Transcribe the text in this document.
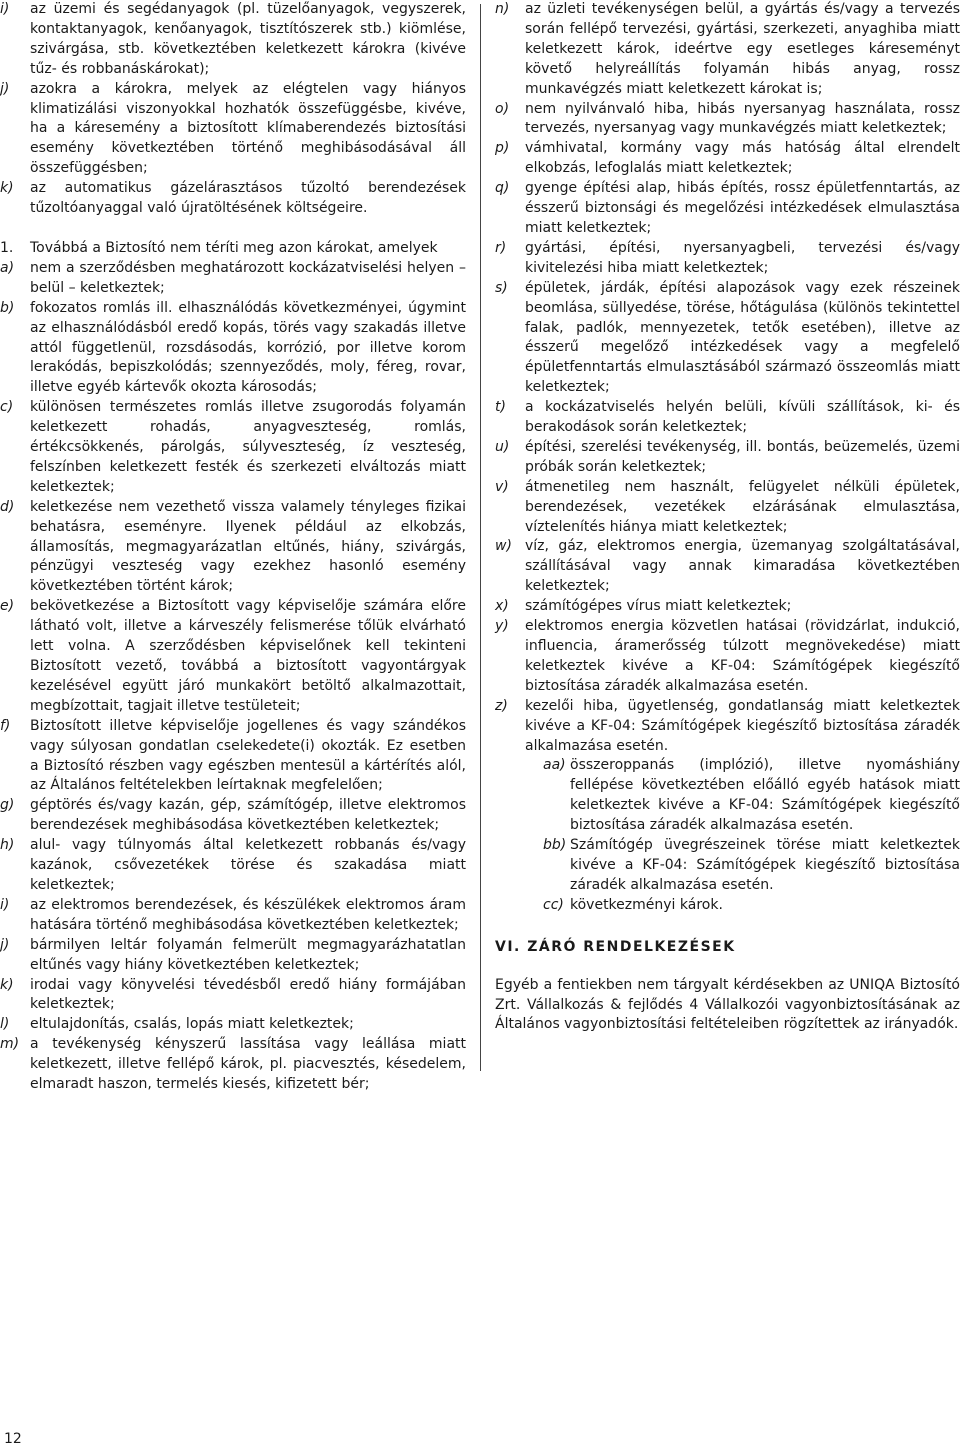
i) az üzemi és segédanyagok (pl. tüzelőanyagok, vegyszerek, kontaktanyagok, kenőanyagok, tisztítószerek stb.) kiömlése, szivárgása, stb. következtében keletkezett károkra (kivéve tűz- és robbanáskárokat);
j) azokra a károkra, melyek az elégtelen vagy hiányos klimatizálási viszonyokkal hozhatók összefüggésbe, kivéve, ha a káresemény a biztosított klímaberendezés biztosítási esemény következtében történő meghibásodásával áll összefüggésben;
k) az automatikus gázelárasztásos tűzoltó berendezések tűzoltóanyaggal való újratöltésének költségeire.
1. Továbbá a Biztosító nem téríti meg azon károkat, amelyek
a) nem a szerződésben meghatározott kockázatviselési helyen – belül – keletkeztek;
b) fokozatos romlás ill. elhasználódás következményei, úgymint az elhasználódásból eredő kopás, törés vagy szakadás illetve attól függetlenül, rozsdásodás, korrózió, por illetve korom lerakódás, bepiszkolódás; szennyeződés, moly, féreg, rovar, illetve egyéb kártevők okozta károsodás;
c) különösen természetes romlás illetve zsugorodás folyamán keletkezett rohadás, anyagveszteség, romlás, értékcsökkenés, párolgás, súlyveszteség, íz veszteség, felszínben keletkezett festék és szerkezeti elváltozás miatt keletkeztek;
d) keletkezése nem vezethető vissza valamely tényleges fizikai behatásra, eseményre. Ilyenek például az elkobzás, államosítás, megmagyarázatlan eltűnés, hiány, szivárgás, pénzügyi veszteség vagy ezekhez hasonló esemény következtében történt károk;
e) bekövetkezése a Biztosított vagy képviselője számára előre látható volt, illetve a kárveszély felismerése tőlük elvárható lett volna. A szerződésben képviselőnek kell tekinteni Biztosított vezető, továbbá a biztosított vagyontárgyak kezelésével együtt járó munkakört betöltő alkalmazottait, megbízottait, tagjait illetve testületeit;
f) Biztosított illetve képviselője jogellenes és vagy szándékos vagy súlyosan gondatlan cselekedete(i) okozták. Ez esetben a Biztosító részben vagy egészben mentesül a kártérítés alól, az Általános feltételekben leírtaknak megfelelően;
g) géptörés és/vagy kazán, gép, számítógép, illetve elektromos berendezések meghibásodása következtében keletkeztek;
h) alul- vagy túlnyomás által keletkezett robbanás és/vagy kazánok, csővezetékek törése és szakadása miatt keletkeztek;
i) az elektromos berendezések, és készülékek elektromos áram hatására történő meghibásodása következtében keletkeztek;
j) bármilyen leltár folyamán felmerült megmagyarázhatatlan eltűnés vagy hiány következtében keletkeztek;
k) irodai vagy könyvelési tévedésből eredő hiány formájában keletkeztek;
l) eltulajdonítás, csalás, lopás miatt keletkeztek;
m) a tevékenység kényszerű lassítása vagy leállása miatt keletkezett, illetve fellépő károk, pl. piacvesztés, késedelem, elmaradt haszon, termelés kiesés, kifizetett bér;
n) az üzleti tevékenységen belül, a gyártás és/vagy a tervezés során fellépő tervezési, gyártási, szerkezeti, anyaghiba miatt keletkezett károk, ideértve egy esetleges káreseményt követő helyreállítás folyamán hibás anyag, rossz munkavégzés miatt keletkezett károkat is;
o) nem nyilvánvaló hiba, hibás nyersanyag használata, rossz tervezés, nyersanyag vagy munkavégzés miatt keletkeztek;
p) vámhivatal, kormány vagy más hatóság által elrendelt elkobzás, lefoglalás miatt keletkeztek;
q) gyenge építési alap, hibás építés, rossz épületfenntartás, az ésszerű biztonsági és megelőzési intézkedések elmulasztása miatt keletkeztek;
r) gyártási, építési, nyersanyagbeli, tervezési és/vagy kivitelezési hiba miatt keletkeztek;
s) épületek, járdák, építési alapozások vagy ezek részeinek beomlása, süllyedése, törése, hőtágulása (különös tekintettel falak, padlók, mennyezetek, tetők esetében), illetve az ésszerű megelőző intézkedések vagy a megfelelő épületfenntartás elmulasztásából származó összeomlás miatt keletkeztek;
t) a kockázatviselés helyén belüli, kívüli szállítások, ki- és berakodások során keletkeztek;
u) építési, szerelési tevékenység, ill. bontás, beüzemelés, üzemi próbák során keletkeztek;
v) átmenetileg nem használt, felügyelet nélküli épületek, berendezések, vezetékek elzárásának elmulasztása, víztelenítés hiánya miatt keletkeztek;
w) víz, gáz, elektromos energia, üzemanyag szolgáltatásával, szállításával vagy annak kimaradása következtében keletkeztek;
x) számítógépes vírus miatt keletkeztek;
y) elektromos energia közvetlen hatásai (rövidzárlat, indukció, influencia, áramerősség túlzott megnövekedése) miatt keletkeztek kivéve a KF-04: Számítógépek kiegészítő biztosítása záradék alkalmazása esetén.
z) kezelői hiba, ügyetlenség, gondatlanság miatt keletkeztek kivéve a KF-04: Számítógépek kiegészítő biztosítása záradék alkalmazása esetén.
aa) összeroppanás (implózió), illetve nyomáshiány fellépése következtében előálló egyéb hatások miatt keletkeztek kivéve a KF-04: Számítógépek kiegészítő biztosítása záradék alkalmazása esetén.
bb) Számítógép üvegrészeinek törése miatt keletkeztek kivéve a KF-04: Számítógépek kiegészítő biztosítása záradék alkalmazása esetén.
cc) következményi károk.
VI. ZÁRÓ RENDELKEZÉSEK
Egyéb a fentiekben nem tárgyalt kérdésekben az UNIQA Biztosító Zrt. Vállalkozás & fejlődés 4 Vállalkozói vagyonbiztosításának az Általános vagyonbiztosítási feltételeiben rögzítettek az irányadók.
12
